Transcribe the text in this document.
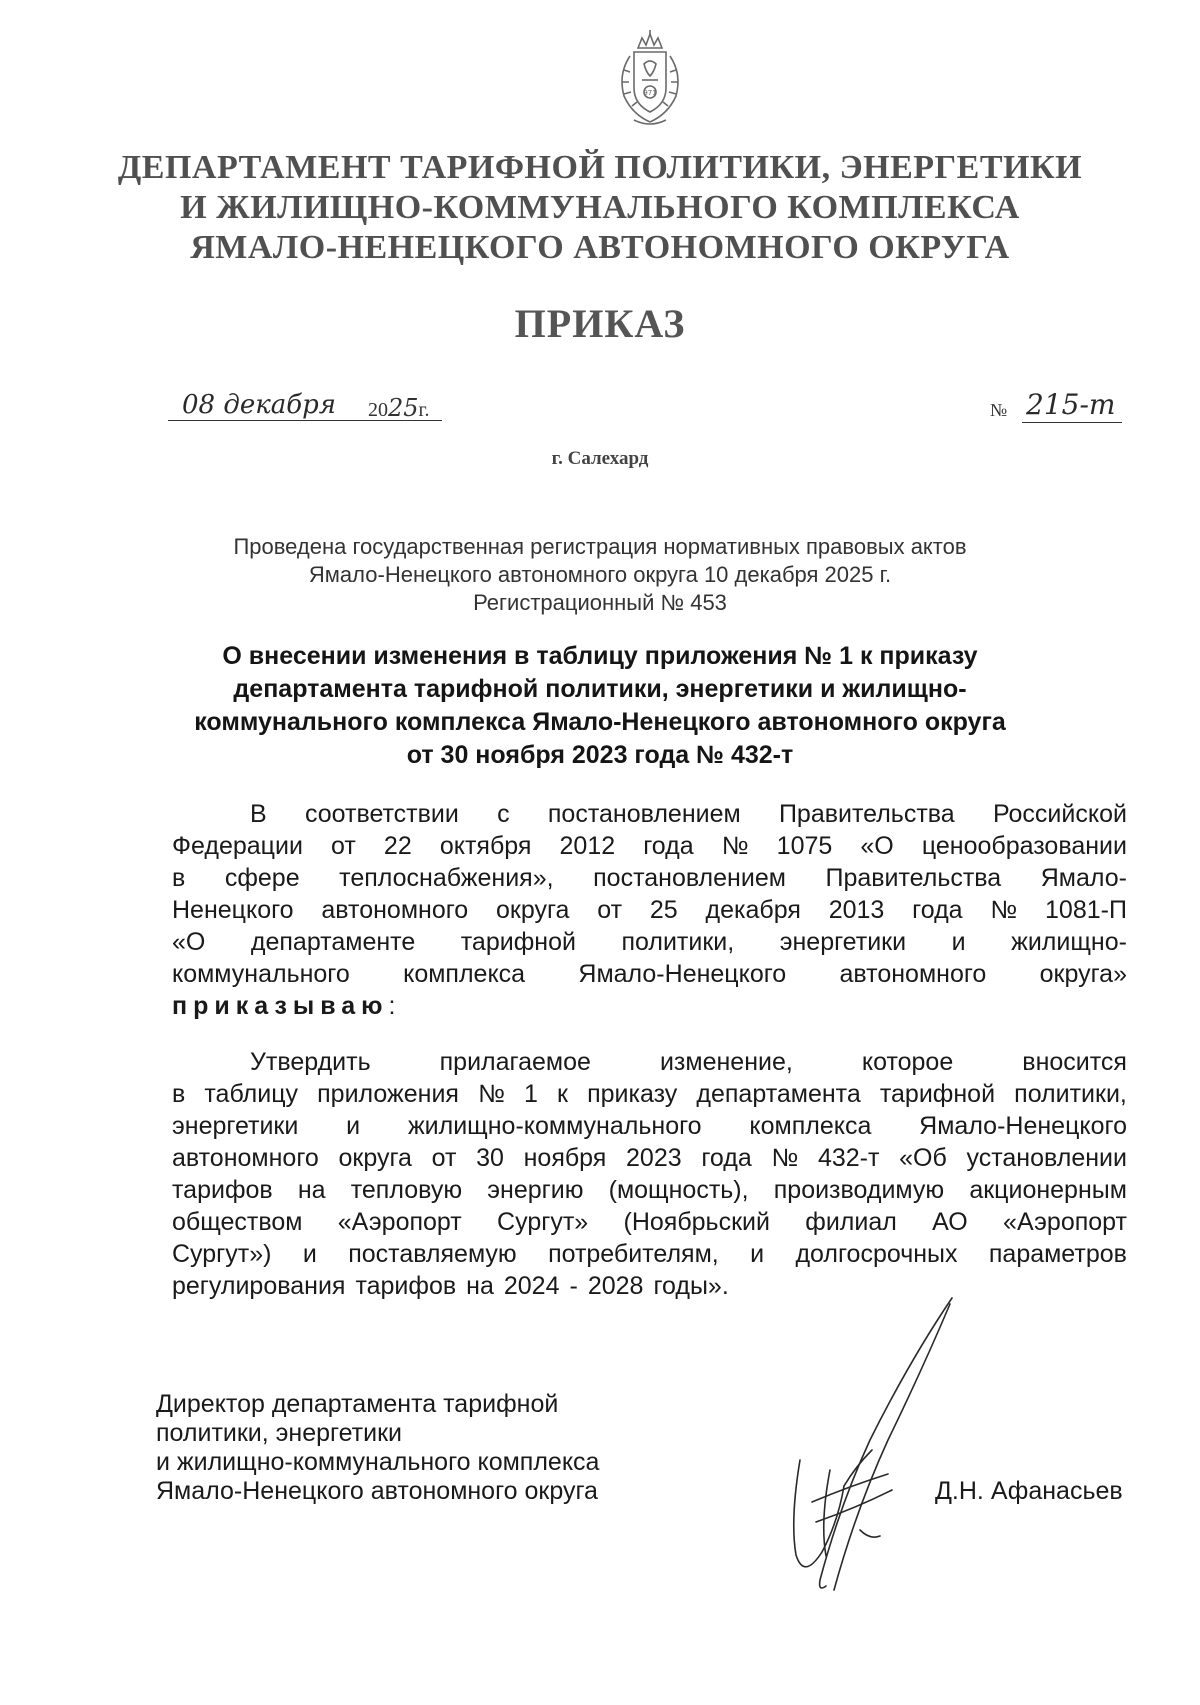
971
ДЕПАРТАМЕНТ ТАРИФНОЙ ПОЛИТИКИ, ЭНЕРГЕТИКИ
И ЖИЛИЩНО-КОММУНАЛЬНОГО КОМПЛЕКСА
ЯМАЛО-НЕНЕЦКОГО АВТОНОМНОГО ОКРУГА
ПРИКАЗ
08 декабря 2025г.	№ 215-т
г. Салехард
Проведена государственная регистрация нормативных правовых актов
Ямало-Ненецкого автономного округа 10 декабря 2025 г.
Регистрационный № 453
О внесении изменения в таблицу приложения № 1 к приказу
департамента тарифной политики, энергетики и жилищно-
коммунального комплекса Ямало-Ненецкого автономного округа
от 30 ноября 2023 года № 432-т
В соответствии с постановлением Правительства Российской
Федерации от 22 октября 2012 года № 1075 «О ценообразовании
в сфере теплоснабжения», постановлением Правительства Ямало-
Ненецкого автономного округа от 25 декабря 2013 года № 1081-П
«О департаменте тарифной политики, энергетики и жилищно-
коммунального комплекса Ямало-Ненецкого автономного округа»
приказываю :
Утвердить	прилагаемое	изменение,	которое	вносится
в таблицу приложения № 1 к приказу департамента тарифной политики,
энергетики и жилищно-коммунального комплекса Ямало-Ненецкого
автономного округа от 30 ноября 2023 года № 432-т «Об установлении
тарифов на тепловую энергию (мощность), производимую акционерным
обществом «Аэропорт Сургут» (Ноябрьский филиал АО «Аэропорт
Сургут») и поставляемую потребителям, и долгосрочных параметров
регулирования тарифов на 2024 - 2028 годы».
Директор департамента тарифной
политики, энергетики
и жилищно-коммунального комплекса
Ямало-Ненецкого автономного округа	Д.Н. Афанасьев
